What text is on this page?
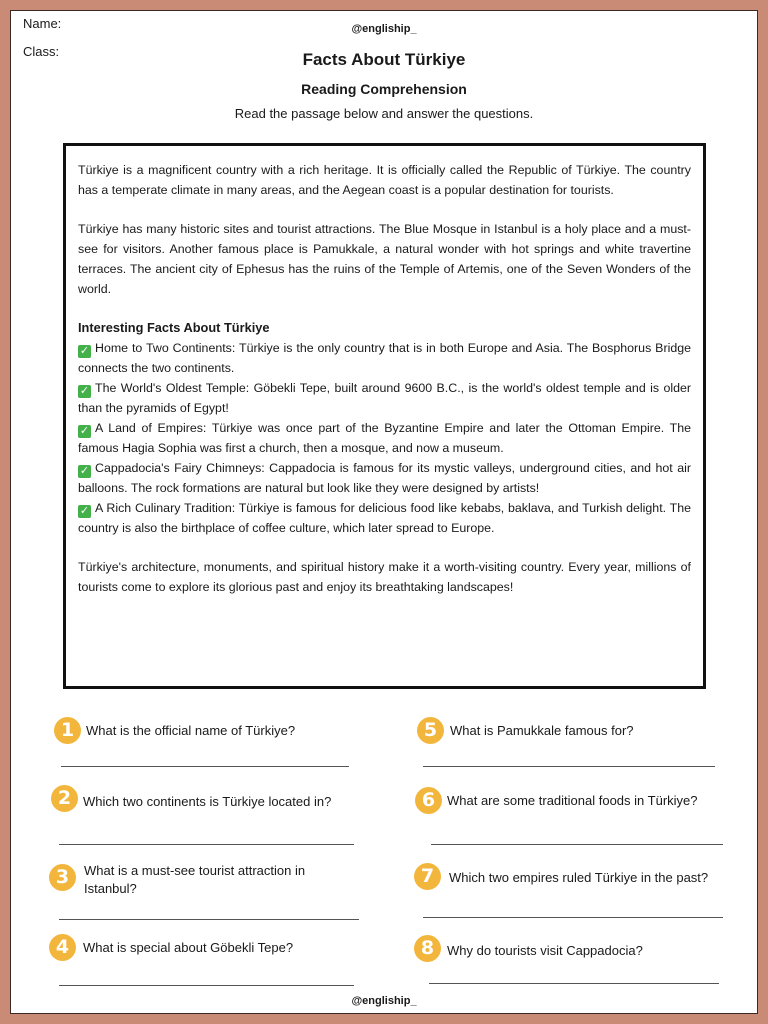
Name:
Class:
@engliship_
Facts About Türkiye
Reading Comprehension
Read the passage below and answer the questions.

Türkiye is a magnificent country with a rich heritage. It is officially called the Republic of Türkiye. The country has a temperate climate in many areas, and the Aegean coast is a popular destination for tourists.

Türkiye has many historic sites and tourist attractions. The Blue Mosque in Istanbul is a holy place and a must-see for visitors. Another famous place is Pamukkale, a natural wonder with hot springs and white travertine terraces. The ancient city of Ephesus has the ruins of the Temple of Artemis, one of the Seven Wonders of the world.

Interesting Facts About Türkiye
✓ Home to Two Continents: Türkiye is the only country that is in both Europe and Asia. The Bosphorus Bridge connects the two continents.
✓ The World's Oldest Temple: Göbekli Tepe, built around 9600 B.C., is the world's oldest temple and is older than the pyramids of Egypt!
✓ A Land of Empires: Türkiye was once part of the Byzantine Empire and later the Ottoman Empire. The famous Hagia Sophia was first a church, then a mosque, and now a museum.
✓ Cappadocia's Fairy Chimneys: Cappadocia is famous for its mystic valleys, underground cities, and hot air balloons. The rock formations are natural but look like they were designed by artists!
✓ A Rich Culinary Tradition: Türkiye is famous for delicious food like kebabs, baklava, and Turkish delight. The country is also the birthplace of coffee culture, which later spread to Europe.

Türkiye's architecture, monuments, and spiritual history make it a worth-visiting country. Every year, millions of tourists come to explore its glorious past and enjoy its breathtaking landscapes!

1 What is the official name of Türkiye?
2 Which two continents is Türkiye located in?
3	What is a must-see tourist attraction in Istanbul?
4	What is special about Göbekli Tepe?
5 What is Pamukkale famous for?
6 What are some traditional foods in Türkiye?
7	Which two empires ruled Türkiye in the past?
8 Why do tourists visit Cappadocia?
@engliship_
